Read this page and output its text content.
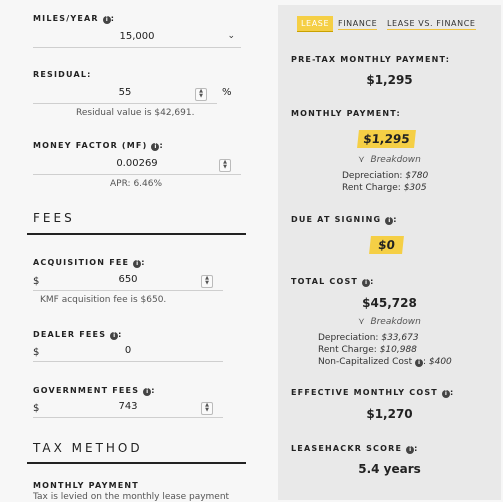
MILES/YEAR i :
15,000	⌄
RESIDUAL:
55	▲
▼	%
Residual value is $42,691.
MONEY FACTOR (MF) i :
0.00269	▲
▼
APR: 6.46%
FEES
ACQUISITION FEE i :
$	650	▲
▼
KMF acquisition fee is $650.
DEALER FEES i :
$	0
GOVERNMENT FEES i :
$	743	▲
▼
TAX METHOD
MONTHLY PAYMENT
Tax is levied on the monthly lease payment
LEASE	FINANCE LEASE VS. FINANCE
PRE-TAX MONTHLY PAYMENT:
$1,295
MONTHLY PAYMENT:
$1,295
⋎  Breakdown
Depreciation: $780
Rent Charge: $305
DUE AT SIGNING i :
$0
TOTAL COST i :
$45,728
⋎  Breakdown
Depreciation: $33,673
Rent Charge: $10,988
Non-Capitalized Cost i : $400
EFFECTIVE MONTHLY COST i :
$1,270
LEASEHACKR SCORE i :
5.4 years
